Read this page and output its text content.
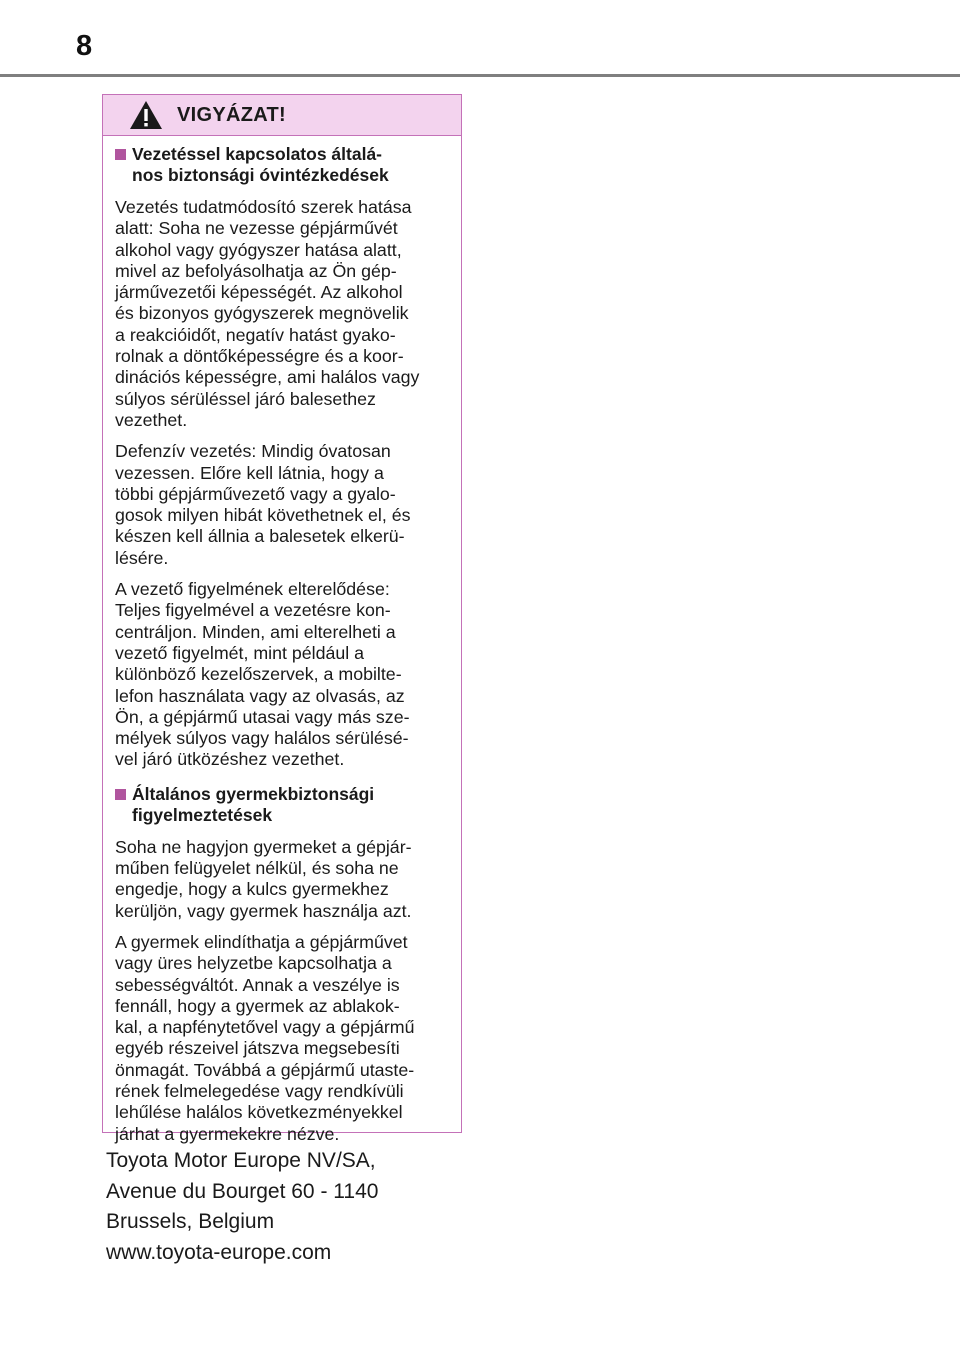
8
VIGYÁZAT!
Vezetéssel kapcsolatos általá-
nos biztonsági óvintézkedések

Vezetés tudatmódosító szerek hatása
alatt: Soha ne vezesse gépjárművét
alkohol vagy gyógyszer hatása alatt,
mivel az befolyásolhatja az Ön gép-
járművezetői képességét. Az alkohol
és bizonyos gyógyszerek megnövelik
a reakcióidőt, negatív hatást gyako-
rolnak a döntőképességre és a koor-
dinációs képességre, ami halálos vagy
súlyos sérüléssel járó balesethez
vezethet.

Defenzív vezetés: Mindig óvatosan
vezessen. Előre kell látnia, hogy a
többi gépjárművezető vagy a gyalo-
gosok milyen hibát követhetnek el, és
készen kell állnia a balesetek elkerü-
lésére.

A vezető figyelmének elterelődése:
Teljes figyelmével a vezetésre kon-
centráljon. Minden, ami elterelheti a
vezető figyelmét, mint például a
különböző kezelőszervek, a mobilte-
lefon használata vagy az olvasás, az
Ön, a gépjármű utasai vagy más sze-
mélyek súlyos vagy halálos sérülésé-
vel járó ütközéshez vezethet.

Általános gyermekbiztonsági
figyelmeztetések

Soha ne hagyjon gyermeket a gépjár-
műben felügyelet nélkül, és soha ne
engedje, hogy a kulcs gyermekhez
kerüljön, vagy gyermek használja azt.

A gyermek elindíthatja a gépjárművet
vagy üres helyzetbe kapcsolhatja a
sebességváltót. Annak a veszélye is
fennáll, hogy a gyermek az ablakok-
kal, a napfénytetővel vagy a gépjármű
egyéb részeivel játszva megsebesíti
önmagát. Továbbá a gépjármű utaste-
rének felmelegedése vagy rendkívüli
lehűlése halálos következményekkel
járhat a gyermekekre nézve.

Toyota Motor Europe NV/SA,
Avenue du Bourget 60 - 1140
Brussels, Belgium
www.toyota-europe.com
